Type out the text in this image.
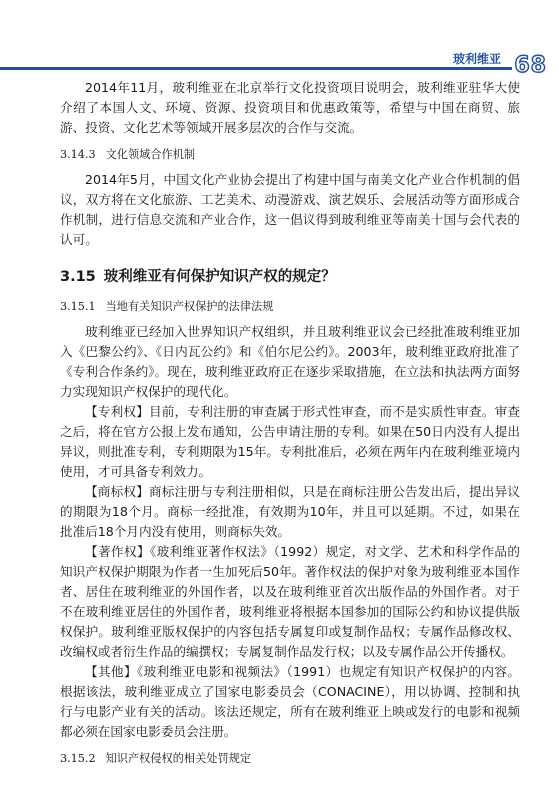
玻利维亚 68

2014年11月，玻利维亚在北京举行文化投资项目说明会，玻利维亚驻华大使介绍了本国人文、环境、资源、投资项目和优惠政策等，希望与中国在商贸、旅游、投资、文化艺术等领域开展多层次的合作与交流。

3.14.3 文化领域合作机制

2014年5月，中国文化产业协会提出了构建中国与南美文化产业合作机制的倡议，双方将在文化旅游、工艺美术、动漫游戏、演艺娱乐、会展活动等方面形成合作机制，进行信息交流和产业合作，这一倡议得到玻利维亚等南美十国与会代表的认可。

3.15 玻利维亚有何保护知识产权的规定？
3.15.1 当地有关知识产权保护的法律法规

玻利维亚已经加入世界知识产权组织，并且玻利维亚议会已经批准玻利维亚加入《巴黎公约》、《日内瓦公约》和《伯尔尼公约》。2003年，玻利维亚政府批准了《专利合作条约》。现在，玻利维亚政府正在逐步采取措施，在立法和执法两方面努力实现知识产权保护的现代化。

【专利权】目前，专利注册的审查属于形式性审查，而不是实质性审查。审查之后，将在官方公报上发布通知，公告申请注册的专利。如果在50日内没有人提出异议，则批准专利，专利期限为15年。专利批准后，必须在两年内在玻利维亚境内使用，才可具备专利效力。

【商标权】商标注册与专利注册相似，只是在商标注册公告发出后，提出异议的期限为18个月。商标一经批准，有效期为10年，并且可以延期。不过，如果在批准后18个月内没有使用，则商标失效。

【著作权】《玻利维亚著作权法》（1992）规定，对文学、艺术和科学作品的知识产权保护期限为作者一生加死后50年。著作权法的保护对象为玻利维亚本国作者、居住在玻利维亚的外国作者，以及在玻利维亚首次出版作品的外国作者。对于不在玻利维亚居住的外国作者，玻利维亚将根据本国参加的国际公约和协议提供版权保护。玻利维亚版权保护的内容包括专属复印或复制作品权；专属作品修改权、改编权或者衍生作品的编撰权；专属复制作品发行权；以及专属作品公开传播权。

【其他】《玻利维亚电影和视频法》（1991）也规定有知识产权保护的内容。根据该法，玻利维亚成立了国家电影委员会（CONACINE），用以协调、控制和执行与电影产业有关的活动。该法还规定，所有在玻利维亚上映或发行的电影和视频都必须在国家电影委员会注册。

3.15.2 知识产权侵权的相关处罚规定
